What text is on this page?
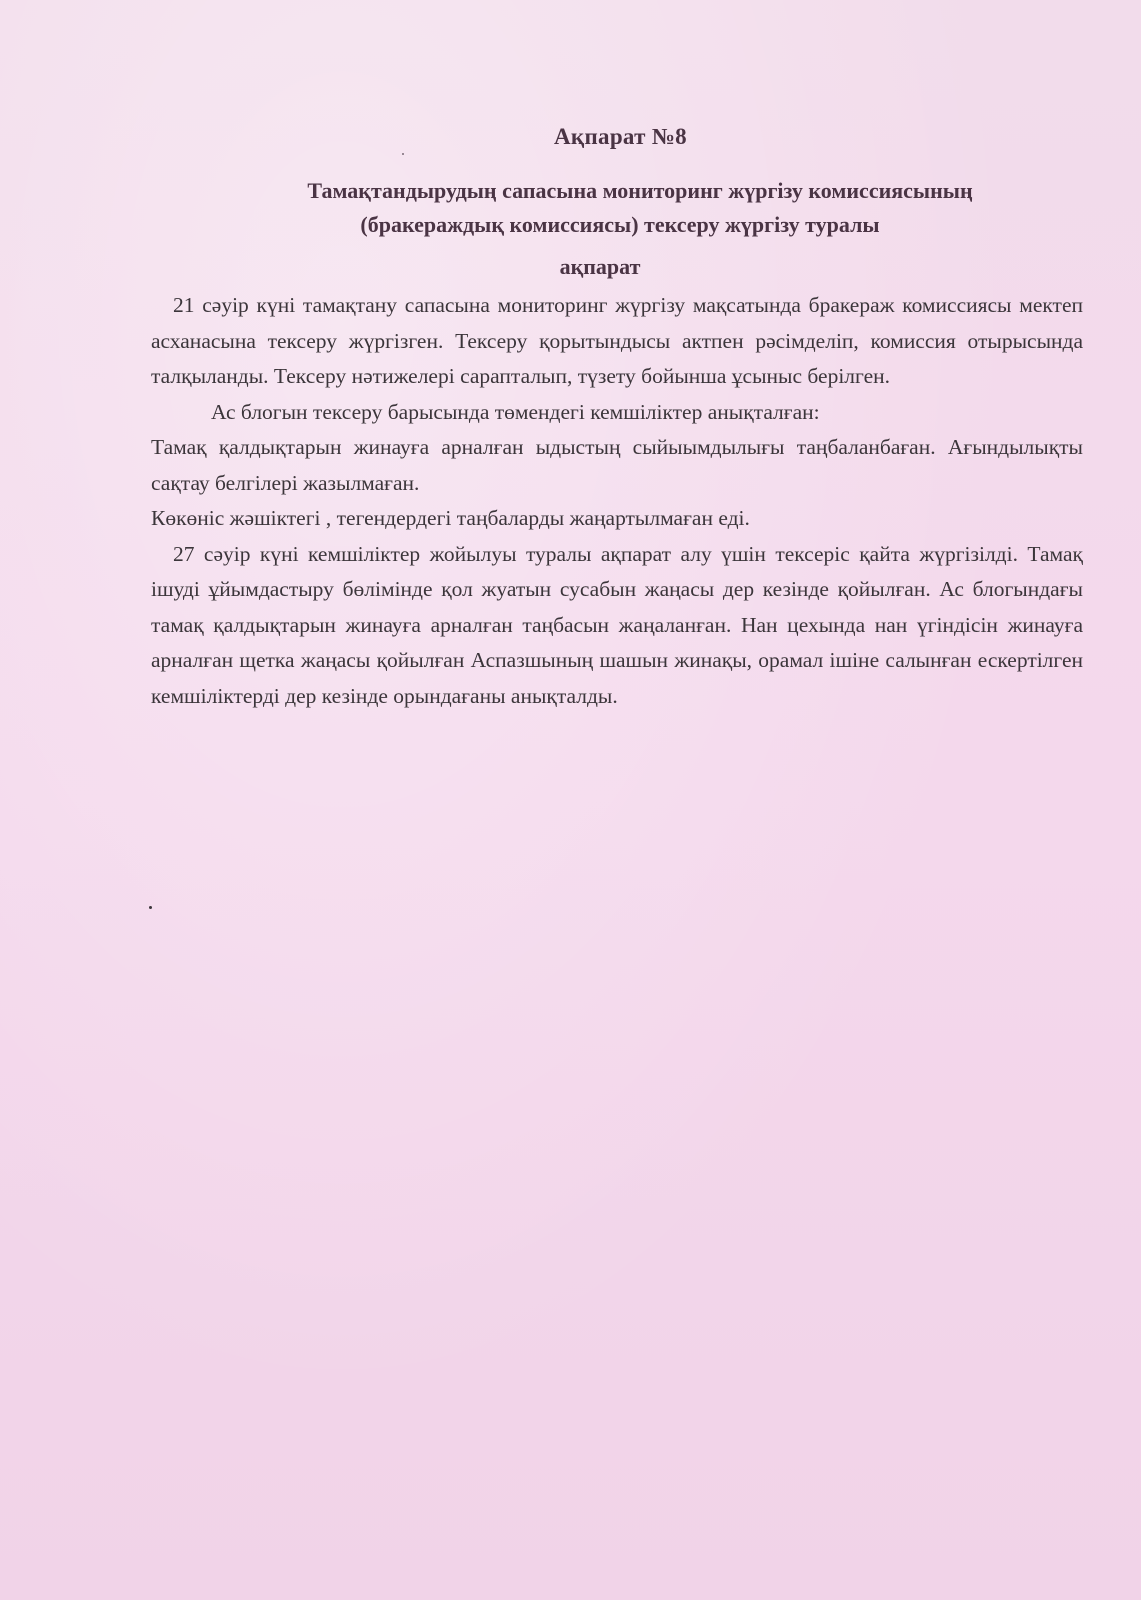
Ақпарат №8
Тамақтандырудың сапасына мониторинг жүргізу комиссиясының
(бракераждық комиссиясы) тексеру жүргізу туралы
ақпарат
21 сәуір күні тамақтану сапасына мониторинг жүргізу мақсатында бракераж комиссиясы мектеп асханасына тексеру жүргізген. Тексеру қорытындысы актпен рәсімделіп, комиссия отырысында талқыланды. Тексеру нәтижелері сарапталып, түзету бойынша ұсыныс берілген.
Ас блогын тексеру барысында төмендегі кемшіліктер анықталған:
Тамақ қалдықтарын жинауға арналған ыдыстың сыйыымдылығы таңбаланбаған. Ағындылықты сақтау белгілері жазылмаған.
Көкөніс жәшіктегі , тегендердегі таңбаларды жаңартылмаған еді.
27 сәуір күні кемшіліктер жойылуы туралы ақпарат алу үшін тексеріс қайта жүргізілді. Тамақ ішуді ұйымдастыру бөлімінде қол жуатын сусабын жаңасы дер кезінде қойылған. Ас блогындағы тамақ қалдықтарын жинауға арналған таңбасын жаңаланған. Нан цехында нан үгіндісін жинауға арналған щетка жаңасы қойылған Аспазшының шашын жинақы, орамал ішіне салынған ескертілген кемшіліктерді дер кезінде орындағаны анықталды.
